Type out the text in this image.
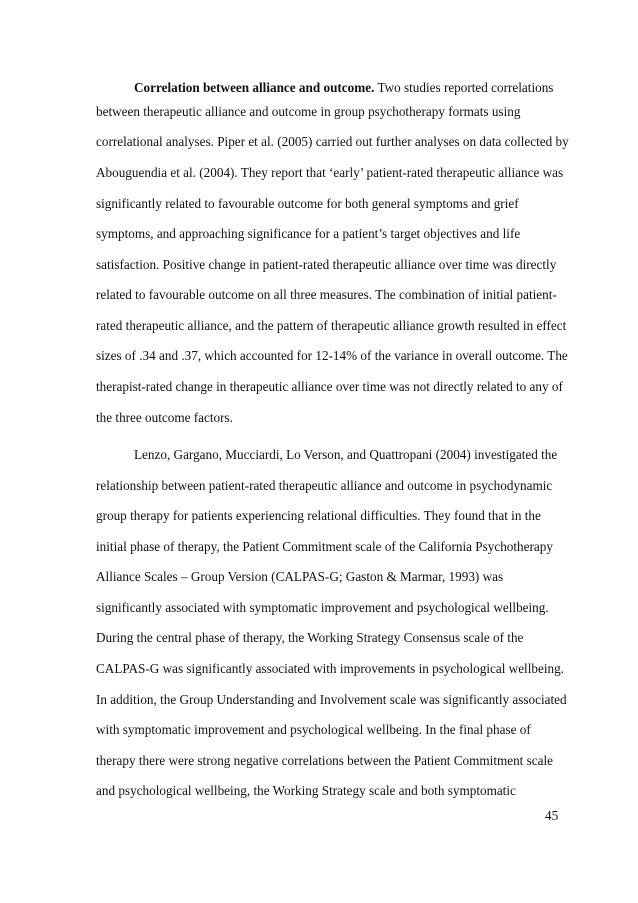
Correlation between alliance and outcome. Two studies reported correlations
between therapeutic alliance and outcome in group psychotherapy formats using
correlational analyses. Piper et al. (2005) carried out further analyses on data collected by
Abouguendia et al. (2004). They report that ‘early’ patient-rated therapeutic alliance was
significantly related to favourable outcome for both general symptoms and grief
symptoms, and approaching significance for a patient’s target objectives and life
satisfaction. Positive change in patient-rated therapeutic alliance over time was directly
related to favourable outcome on all three measures. The combination of initial patient-
rated therapeutic alliance, and the pattern of therapeutic alliance growth resulted in effect
sizes of .34 and .37, which accounted for 12-14% of the variance in overall outcome. The
therapist-rated change in therapeutic alliance over time was not directly related to any of
the three outcome factors.
Lenzo, Gargano, Mucciardi, Lo Verson, and Quattropani (2004) investigated the
relationship between patient-rated therapeutic alliance and outcome in psychodynamic
group therapy for patients experiencing relational difficulties. They found that in the
initial phase of therapy, the Patient Commitment scale of the California Psychotherapy
Alliance Scales – Group Version (CALPAS-G; Gaston & Marmar, 1993) was
significantly associated with symptomatic improvement and psychological wellbeing.
During the central phase of therapy, the Working Strategy Consensus scale of the
CALPAS-G was significantly associated with improvements in psychological wellbeing.
In addition, the Group Understanding and Involvement scale was significantly associated
with symptomatic improvement and psychological wellbeing. In the final phase of
therapy there were strong negative correlations between the Patient Commitment scale
and psychological wellbeing, the Working Strategy scale and both symptomatic
45
